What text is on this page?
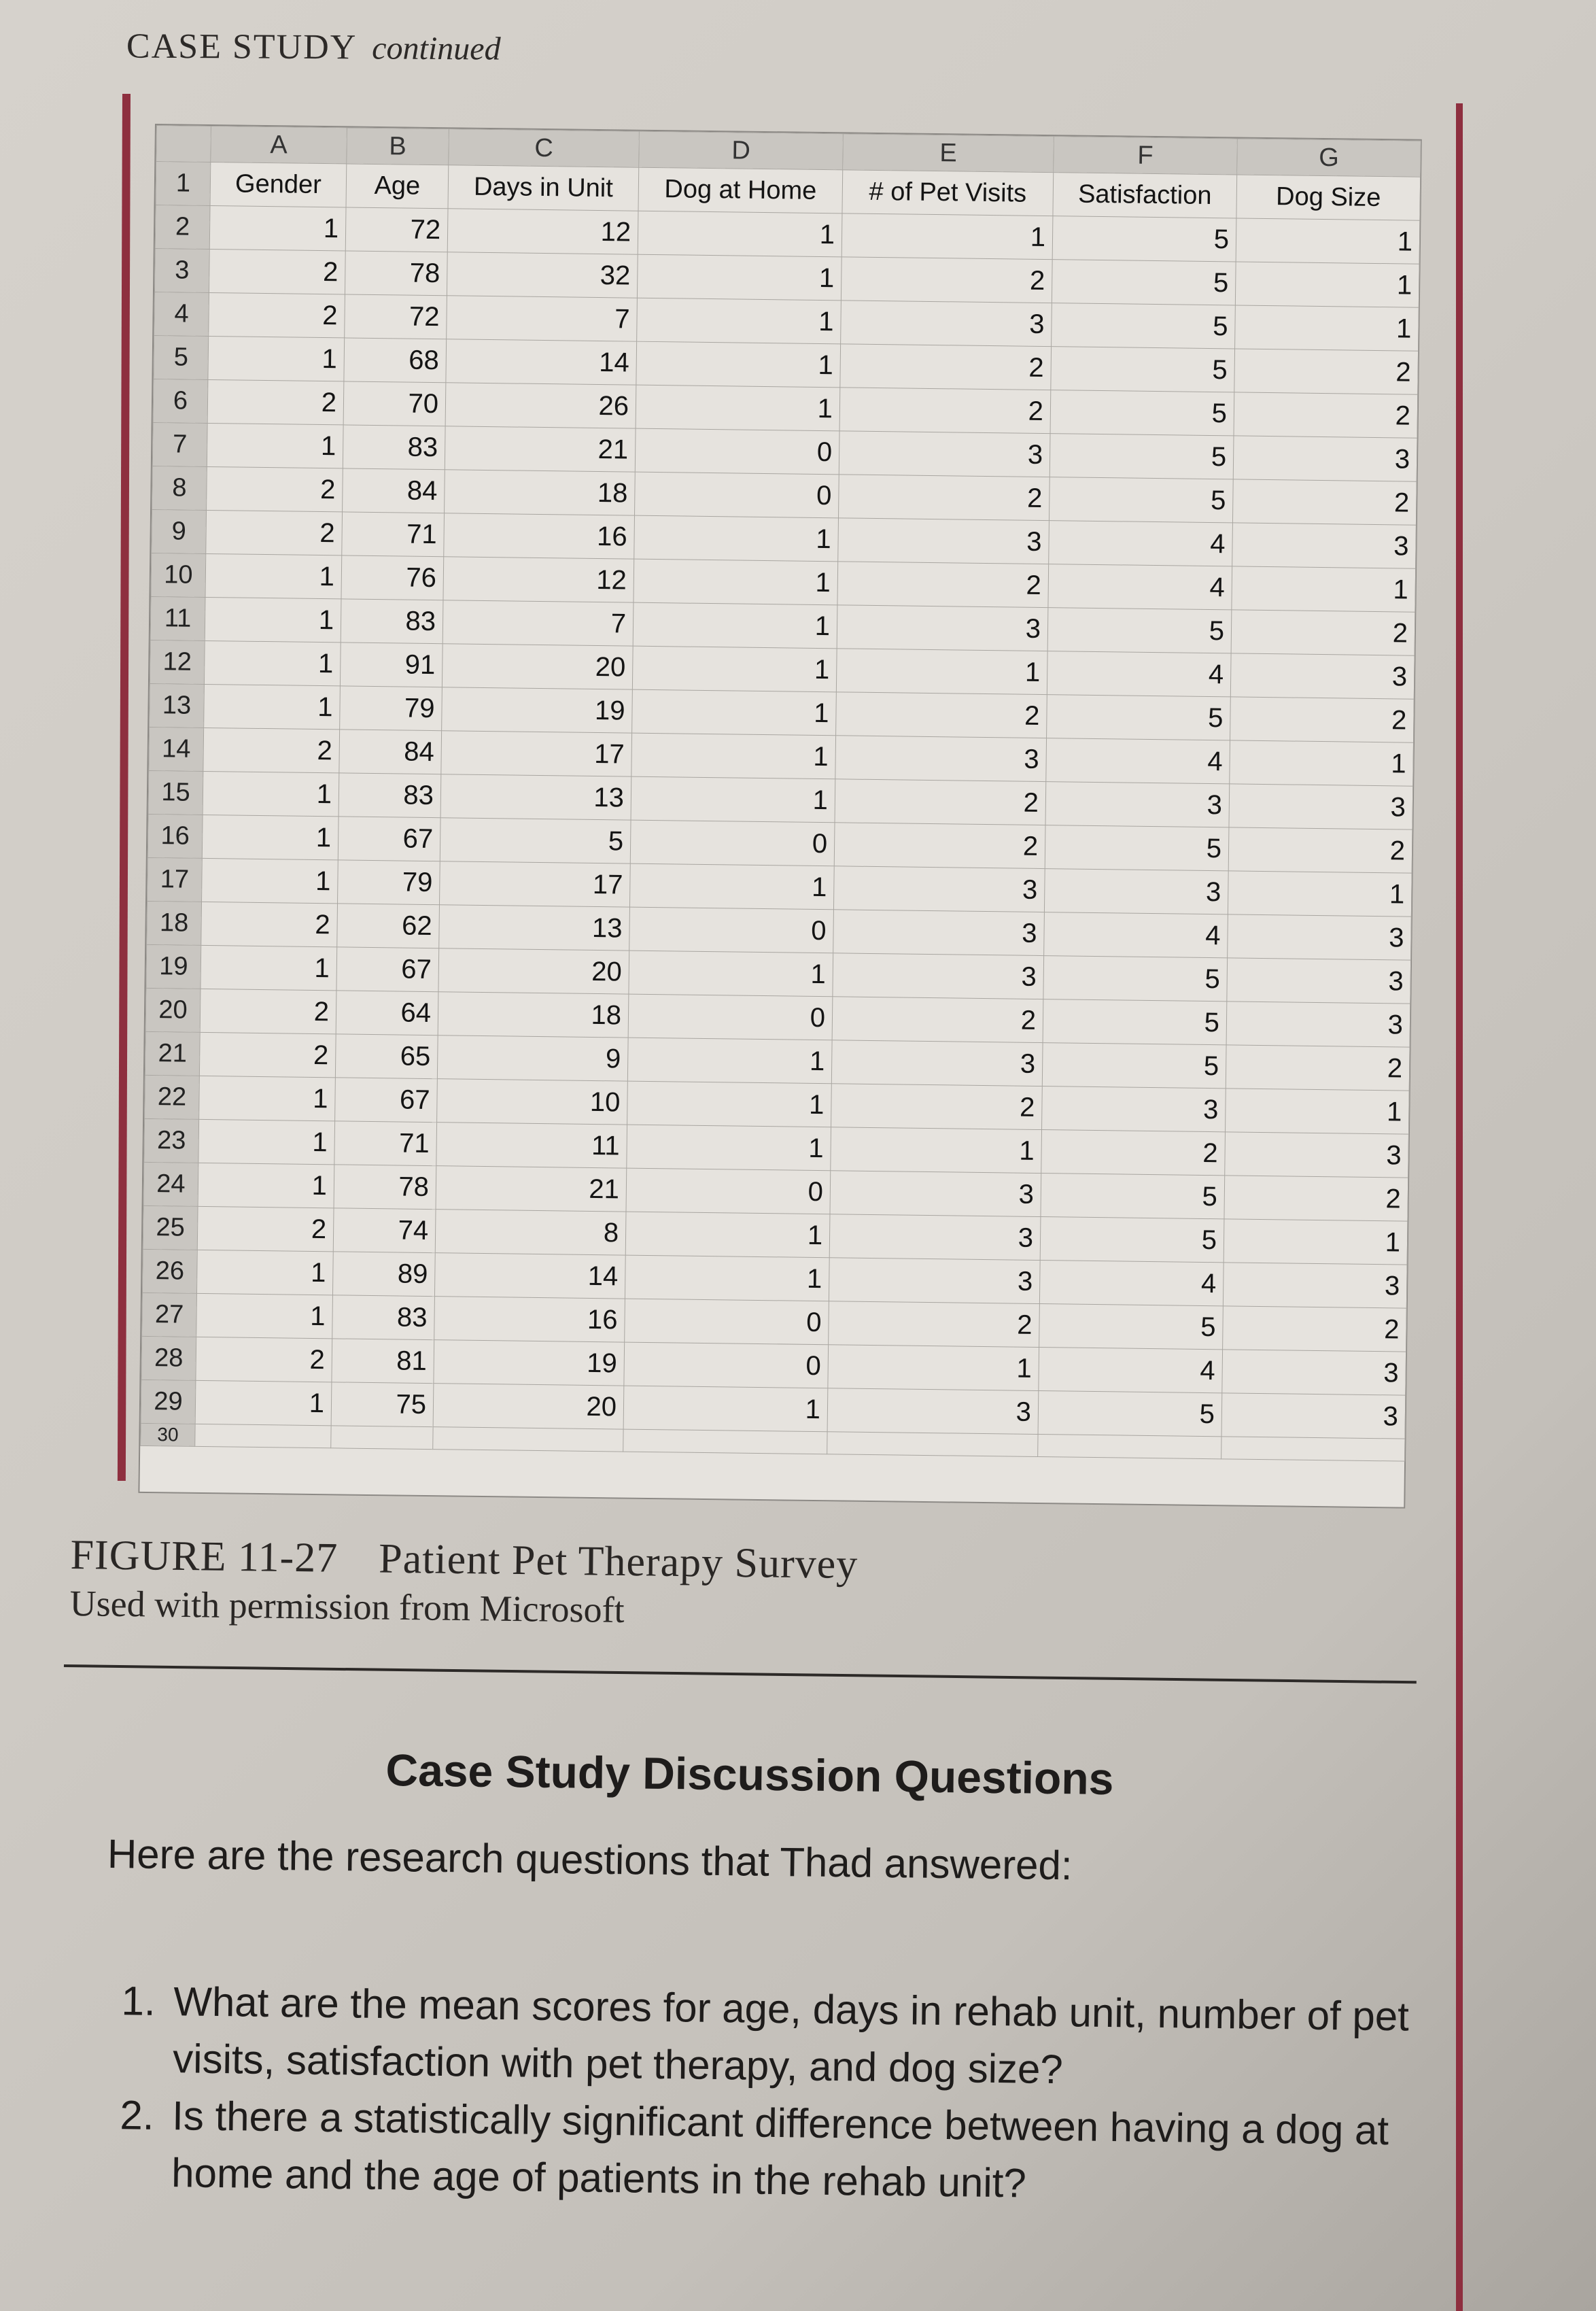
CASE STUDY continued
	A	B	C	D	E	F	G
1	Gender	Age	Days in Unit	Dog at Home	# of Pet Visits	Satisfaction	Dog Size
2	1	72	12	1	1	5	1
3	2	78	32	1	2	5	1
4	2	72	7	1	3	5	1
5	1	68	14	1	2	5	2
6	2	70	26	1	2	5	2
7	1	83	21	0	3	5	3
8	2	84	18	0	2	5	2
9	2	71	16	1	3	4	3
10	1	76	12	1	2	4	1
11	1	83	7	1	3	5	2
12	1	91	20	1	1	4	3
13	1	79	19	1	2	5	2
14	2	84	17	1	3	4	1
15	1	83	13	1	2	3	3
16	1	67	5	0	2	5	2
17	1	79	17	1	3	3	1
18	2	62	13	0	3	4	3
19	1	67	20	1	3	5	3
20	2	64	18	0	2	5	3
21	2	65	9	1	3	5	2
22	1	67	10	1	2	3	1
23	1	71	11	1	1	2	3
24	1	78	21	0	3	5	2
25	2	74	8	1	3	5	1
26	1	89	14	1	3	4	3
27	1	83	16	0	2	5	2
28	2	81	19	0	1	4	3
29	1	75	20	1	3	5	3
30							
FIGURE 11-27 Patient Pet Therapy Survey
Used with permission from Microsoft
Case Study Discussion Questions
Here are the research questions that Thad answered:
1. What are the mean scores for age, days in rehab unit, number of pet visits, satisfaction with pet therapy, and dog size?
2. Is there a statistically significant difference between having a dog at home and the age of patients in the rehab unit?
